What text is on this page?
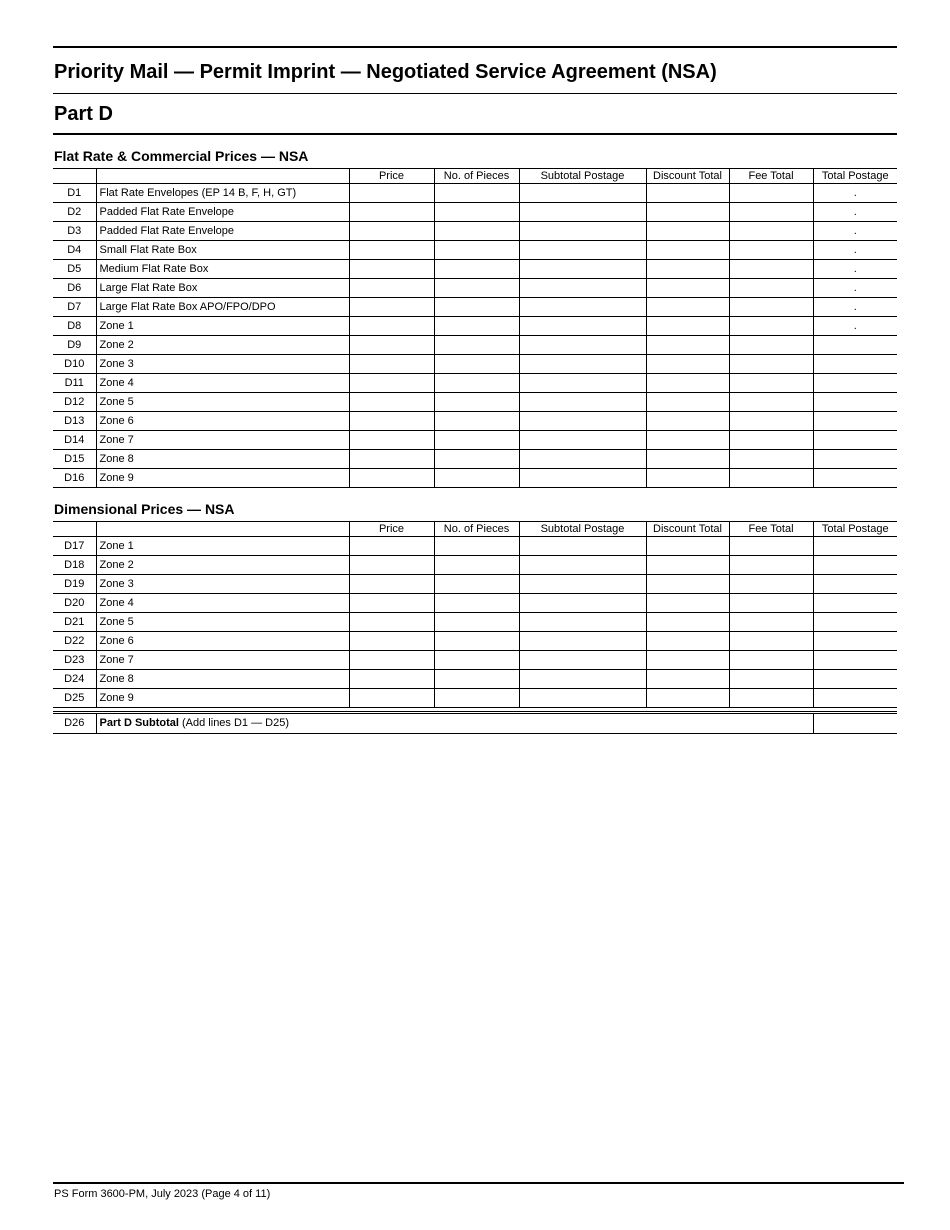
Priority Mail — Permit Imprint — Negotiated Service Agreement (NSA)
Part D
Flat Rate & Commercial Prices — NSA
		Price	No. of Pieces	Subtotal Postage	Discount Total	Fee Total	Total Postage
D1	Flat Rate Envelopes (EP 14 B, F, H, GT)						.
D2	Padded Flat Rate Envelope						.
D3	Padded Flat Rate Envelope						.
D4	Small Flat Rate Box						.
D5	Medium Flat Rate Box						.
D6	Large Flat Rate Box						.
D7	Large Flat Rate Box APO/FPO/DPO						.
D8	Zone 1						.
D9	Zone 2						
D10	Zone 3						
D11	Zone 4						
D12	Zone 5						
D13	Zone 6						
D14	Zone 7						
D15	Zone 8						
D16	Zone 9						
Dimensional Prices — NSA
		Price	No. of Pieces	Subtotal Postage	Discount Total	Fee Total	Total Postage
D17	Zone 1						
D18	Zone 2						
D19	Zone 3						
D20	Zone 4						
D21	Zone 5						
D22	Zone 6						
D23	Zone 7						
D24	Zone 8						
D25	Zone 9						
D26	Part D Subtotal (Add lines D1 — D25)	
PS Form 3600-PM, July 2023 (Page 4 of 11)
